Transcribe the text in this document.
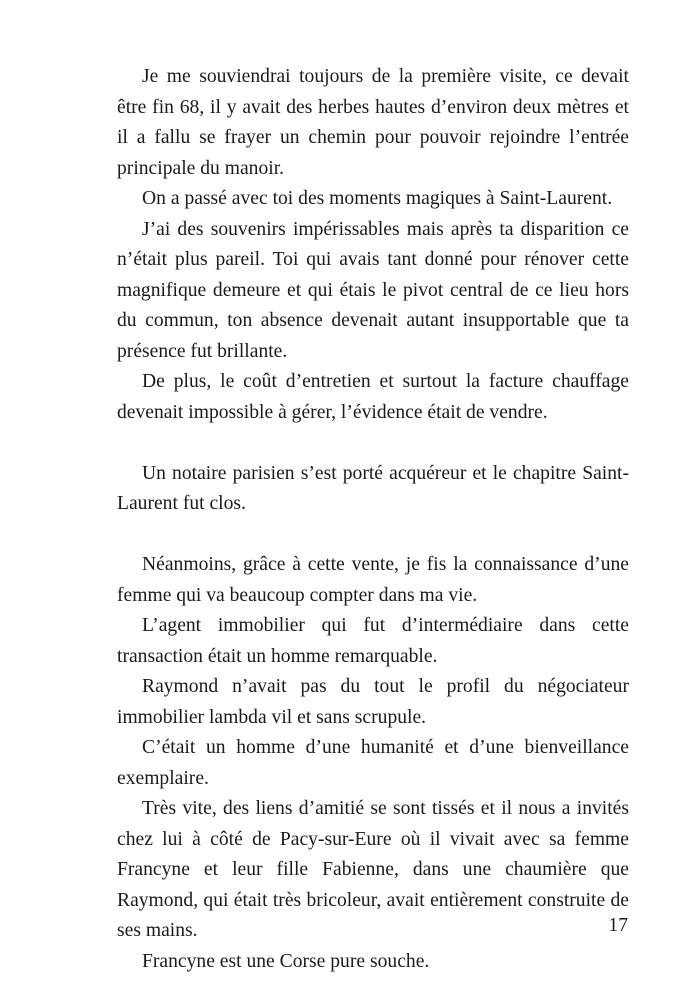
Je me souviendrai toujours de la première visite, ce devait être fin 68, il y avait des herbes hautes d’environ deux mètres et il a fallu se frayer un chemin pour pouvoir rejoindre l’entrée principale du manoir.

On a passé avec toi des moments magiques à Saint-Laurent.

J’ai des souvenirs impérissables mais après ta disparition ce n’était plus pareil. Toi qui avais tant donné pour rénover cette magnifique demeure et qui étais le pivot central de ce lieu hors du commun, ton absence devenait autant insupportable que ta présence fut brillante.

De plus, le coût d’entretien et surtout la facture chauffage devenait impossible à gérer, l’évidence était de vendre.

Un notaire parisien s’est porté acquéreur et le chapitre Saint-Laurent fut clos.

Néanmoins, grâce à cette vente, je fis la connaissance d’une femme qui va beaucoup compter dans ma vie.

L’agent immobilier qui fut d’intermédiaire dans cette transaction était un homme remarquable.

Raymond n’avait pas du tout le profil du négociateur immobilier lambda vil et sans scrupule.

C’était un homme d’une humanité et d’une bienveillance exemplaire.

Très vite, des liens d’amitié se sont tissés et il nous a invités chez lui à côté de Pacy-sur-Eure où il vivait avec sa femme Francyne et leur fille Fabienne, dans une chaumière que Raymond, qui était très bricoleur, avait entièrement construite de ses mains.

Francyne est une Corse pure souche.

17
